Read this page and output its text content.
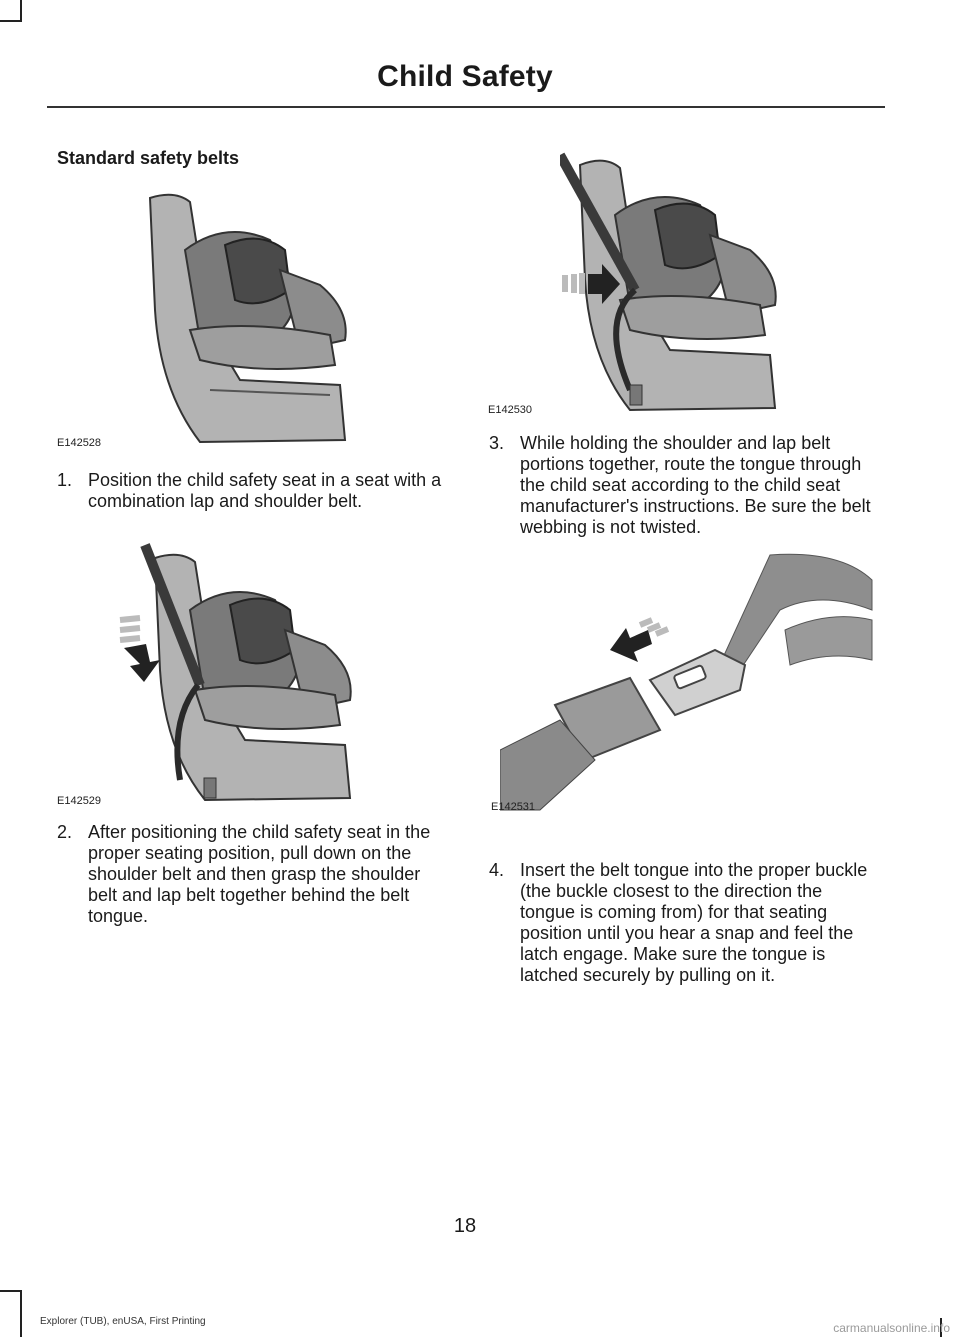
Child Safety
Standard safety belts
E142528
1. Position the child safety seat in a seat with a combination lap and shoulder belt.
E142529
2. After positioning the child safety seat in the proper seating position, pull down on the shoulder belt and then grasp the shoulder belt and lap belt together behind the belt tongue.
E142530
3. While holding the shoulder and lap belt portions together, route the tongue through the child seat according to the child seat manufacturer's instructions. Be sure the belt webbing is not twisted.
E142531
4. Insert the belt tongue into the proper buckle (the buckle closest to the direction the tongue is coming from) for that seating position until you hear a snap and feel the latch engage. Make sure the tongue is latched securely by pulling on it.
18
Explorer (TUB), enUSA, First Printing	carmanualsonline.info
